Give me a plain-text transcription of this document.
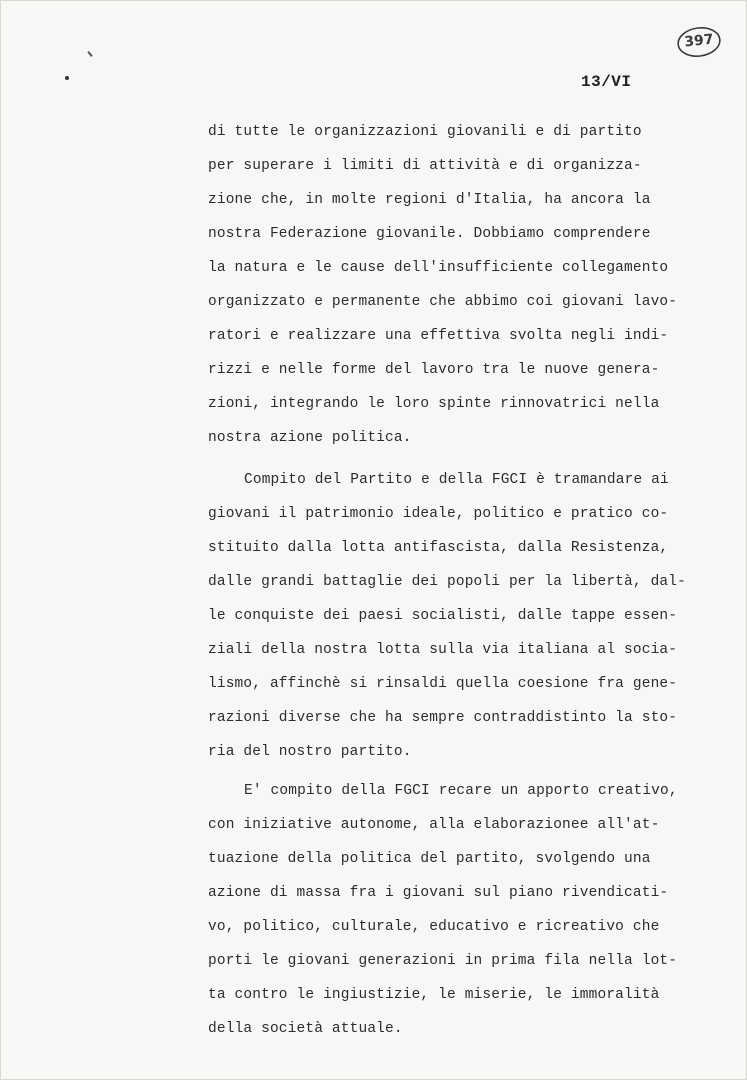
397
13/VI
di tutte le organizzazioni giovanili e di partito
per superare i limiti di attività e di organizza-
zione che, in molte regioni d'Italia, ha ancora la
nostra Federazione giovanile. Dobbiamo comprendere
la natura e le cause dell'insufficiente collegamento
organizzato e permanente che abbimo coi giovani lavo-
ratori e realizzare una effettiva svolta negli indi-
rizzi e nelle forme del lavoro tra le nuove genera-
zioni, integrando le loro spinte rinnovatrici nella
nostra azione politica.
Compito del Partito e della FGCI è tramandare ai
giovani il patrimonio ideale, politico e pratico co-
stituito dalla lotta antifascista, dalla Resistenza,
dalle grandi battaglie dei popoli per la libertà, dal-
le conquiste dei paesi socialisti, dalle tappe essen-
ziali della nostra lotta sulla via italiana al socia-
lismo, affinchè si rinsaldi quella coesione fra gene-
razioni diverse che ha sempre contraddistinto la sto-
ria del nostro partito.
E' compito della FGCI recare un apporto creativo,
con iniziative autonome, alla elaborazionee all'at-
tuazione della politica del partito, svolgendo una
azione di massa fra i giovani sul piano rivendicati-
vo, politico, culturale, educativo e ricreativo che
porti le giovani generazioni in prima fila nella lot-
ta contro le ingiustizie, le miserie, le immoralità
della società attuale.
